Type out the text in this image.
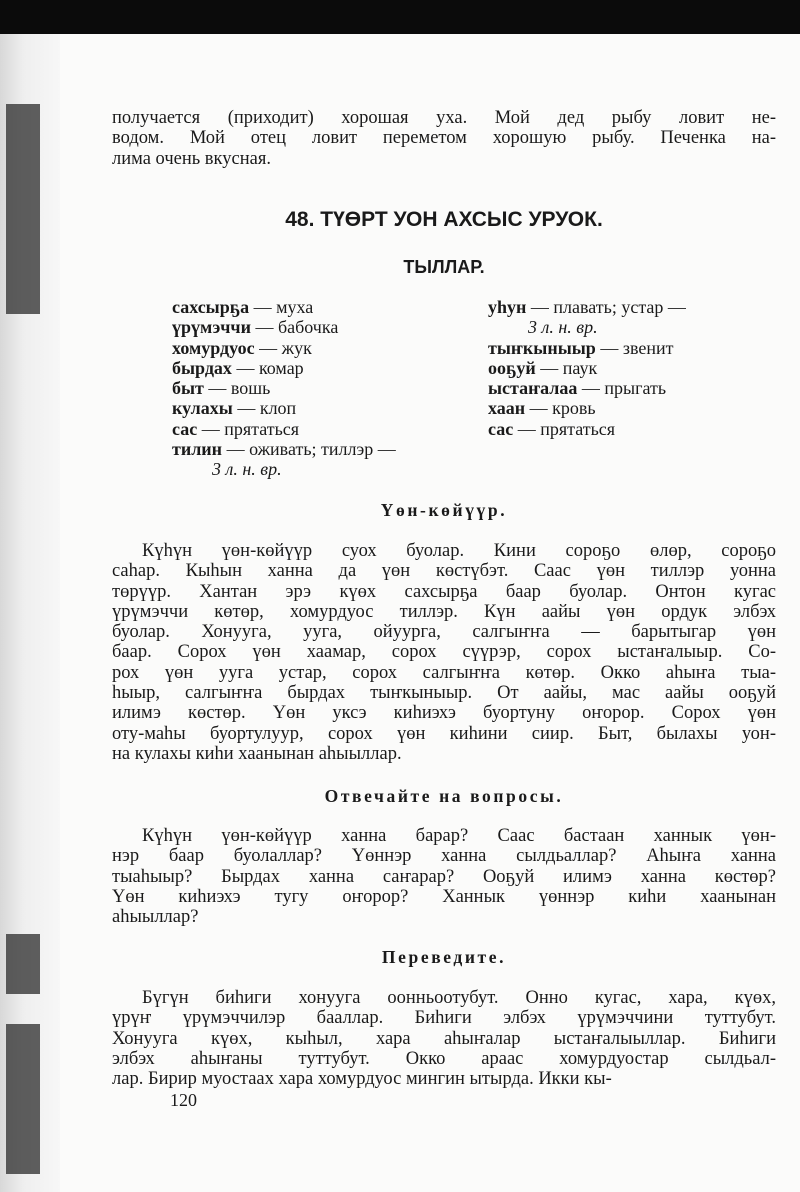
получается (приходит) хорошая уха. Мой дед рыбу ловит не-
водом. Мой отец ловит переметом хорошую рыбу. Печенка на-
лима очень вкусная.

48. ТҮӨРТ УОН АХСЫС УРУОК.
ТЫЛЛАР.
сахсырҕа — муха
үрүмэччи — бабочка
хомурдуос — жук
бырдах — комар
быт — вошь
кулахы — клоп
сас — прятаться
тилин — оживать; тиллэр —
3 л. н. вр.
уһун — плавать; устар —
3 л. н. вр.
тыҥкыныыр — звенит
ооҕуй — паук
ыстаҥалаа — прыгать
хаан — кровь
сас — прятаться
Үөн-көйүүр.

Күһүн үөн-көйүүр суох буолар. Кини сороҕо өлөр, сороҕо
саһар. Кыһын ханна да үөн көстүбэт. Саас үөн тиллэр уонна
төрүүр. Хантан эрэ күөх сахсырҕа баар буолар. Онтон кугас
үрүмэччи көтөр, хомурдуос тиллэр. Күн аайы үөн ордук элбэх
буолар. Хонууга, ууга, ойуурга, салгыҥҥа — барытыгар үөн
баар. Сорох үөн хаамар, сорох сүүрэр, сорох ыстаҥалыыр. Со-
рох үөн ууга устар, сорох салгыҥҥа көтөр. Окко аһыҥа тыа-
һыыр, салгыҥҥа бырдах тыҥкыныыр. От аайы, мас аайы ооҕуй
илимэ көстөр. Үөн уксэ киһиэхэ буортуну оҥорор. Сорох үөн
оту-маһы буортулуур, сорох үөн киһини сиир. Быт, былахы уон-
на кулахы киһи хаанынан аһыыллар.

Отвечайте на вопросы.

Күһүн үөн-көйүүр ханна барар? Саас бастаан ханнык үөн-
нэр баар буолаллар? Үөннэр ханна сылдьаллар? Аһыҥа ханна
тыаһыыр? Бырдах ханна саҥарар? Ооҕуй илимэ ханна көстөр?
Үөн киһиэхэ тугу оҥорор? Ханнык үөннэр киһи хаанынан
аһыыллар?

Переведите.

Бүгүн биһиги хонууга оонньоотубут. Онно кугас, хара, күөх,
үрүҥ үрүмэччилэр бааллар. Биһиги элбэх үрүмэччини туттубут.
Хонууга күөх, кыһыл, хара аһыҥалар ыстаҥалыыллар. Биһиги
элбэх аһыҥаны туттубут. Окко араас хомурдуостар сылдьал-
лар. Бирир муостаах хара хомурдуос мингин ытырда. Икки кы-

120
